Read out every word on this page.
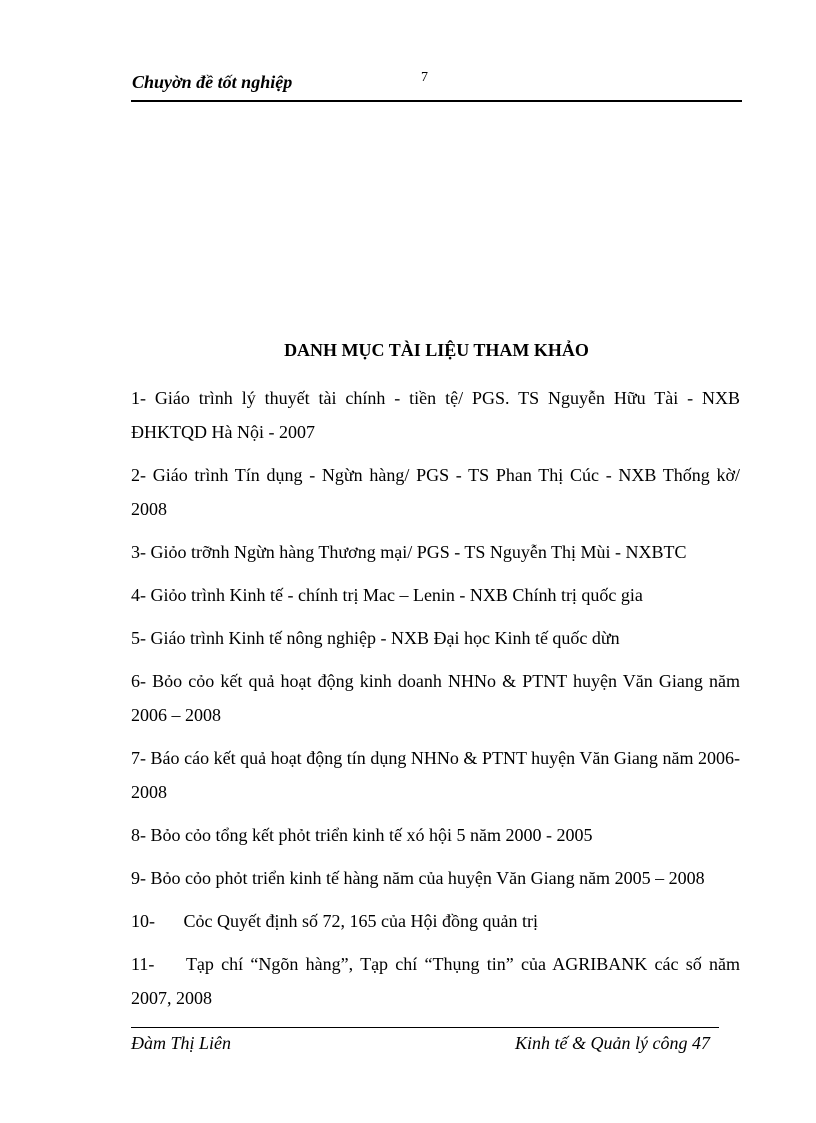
Chuyờn đề tốt nghiệp	7
DANH MỤC TÀI LIỆU THAM KHẢO
1- Giáo trình lý thuyết tài chính - tiền tệ/ PGS. TS Nguyễn Hữu Tài - NXB ĐHKTQD Hà Nội - 2007
2- Giáo trình Tín dụng - Ngừn hàng/ PGS - TS Phan Thị Cúc - NXB Thống kờ/ 2008
3- Giỏo trỡnh Ngừn hàng Thương mại/ PGS - TS Nguyễn Thị Mùi - NXBTC
4- Giỏo trình Kinh tế - chính trị Mac – Lenin - NXB Chính trị quốc gia
5- Giáo trình Kinh tế nông nghiệp - NXB Đại học Kinh tế quốc dừn
6- Bỏo cỏo kết quả hoạt động kinh doanh NHNo & PTNT huyện Văn Giang năm 2006 – 2008
7- Báo cáo kết quả hoạt động tín dụng NHNo & PTNT huyện Văn Giang năm 2006- 2008
8- Bỏo cỏo tổng kết phỏt triển kinh tế xó hội 5 năm 2000 - 2005
9- Bỏo cỏo phỏt triển kinh tế hàng năm của huyện Văn Giang năm 2005 – 2008
10- Cỏc Quyết định số 72, 165 của Hội đồng quản trị
11- Tạp chí “Ngõn hàng”, Tạp chí “Thụng tin” của AGRIBANK các số năm 2007, 2008
Đàm Thị Liên	Kinh tế & Quản lý công 47
